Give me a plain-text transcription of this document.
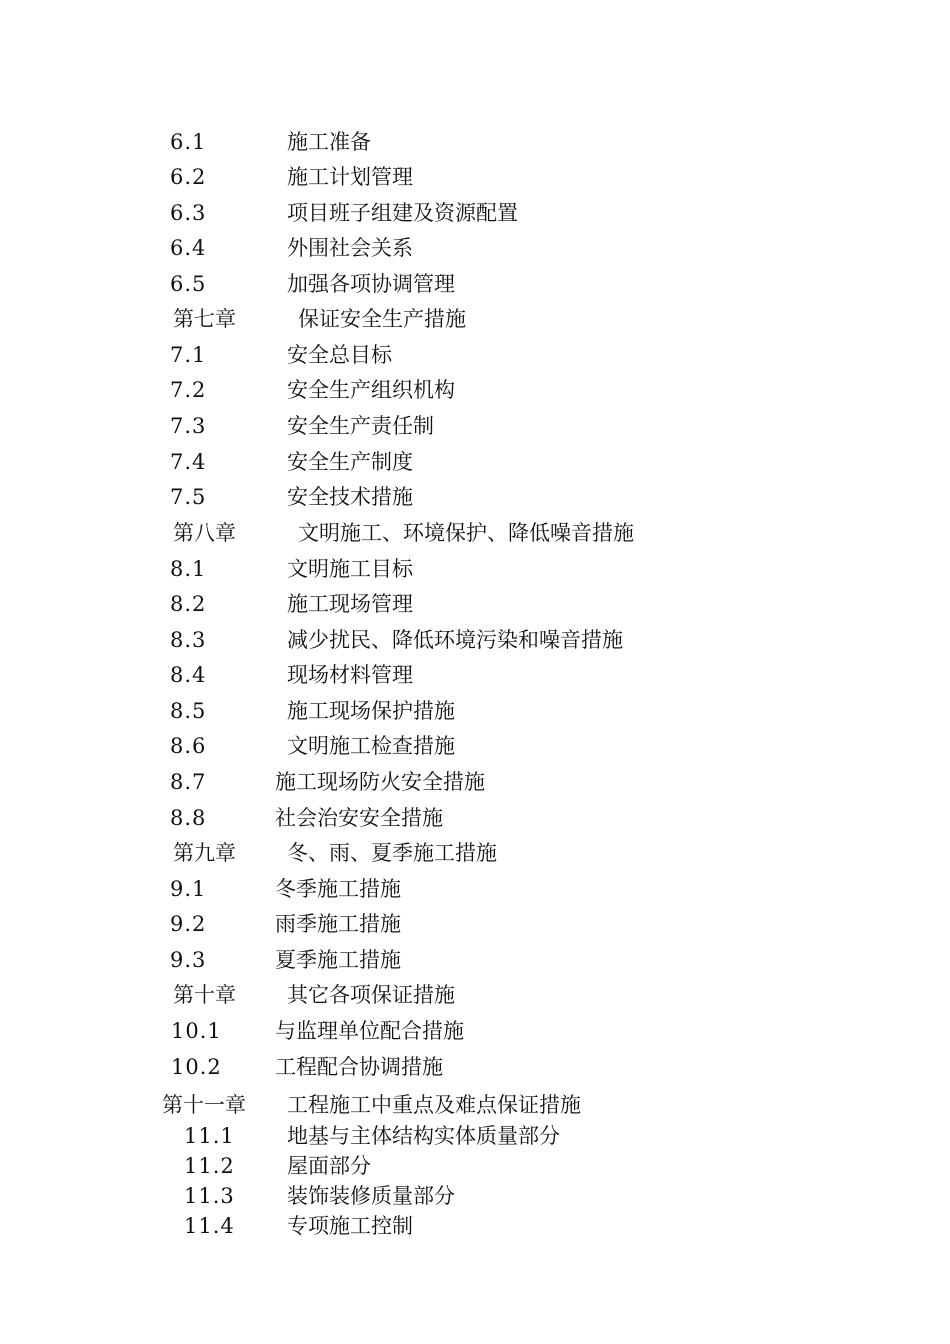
6.1	施工准备
6.2	施工计划管理
6.3	项目班子组建及资源配置
6.4	外围社会关系
6.5	加强各项协调管理
第七章	保证安全生产措施
7.1	安全总目标
7.2	安全生产组织机构
7.3	安全生产责任制
7.4	安全生产制度
7.5	安全技术措施
第八章	文明施工、环境保护、降低噪音措施
8.1	文明施工目标
8.2	施工现场管理
8.3	减少扰民、降低环境污染和噪音措施
8.4	现场材料管理
8.5	施工现场保护措施
8.6	文明施工检查措施
8.7	施工现场防火安全措施
8.8	社会治安安全措施
第九章 冬、雨、夏季施工措施
9.1	冬季施工措施
9.2	雨季施工措施
9.3	夏季施工措施
第十章 其它各项保证措施
10.1	与监理单位配合措施
10.2	工程配合协调措施
第十一章 工程施工中重点及难点保证措施
11.1 地基与主体结构实体质量部分
11.2 屋面部分
11.3 装饰装修质量部分
11.4 专项施工控制
